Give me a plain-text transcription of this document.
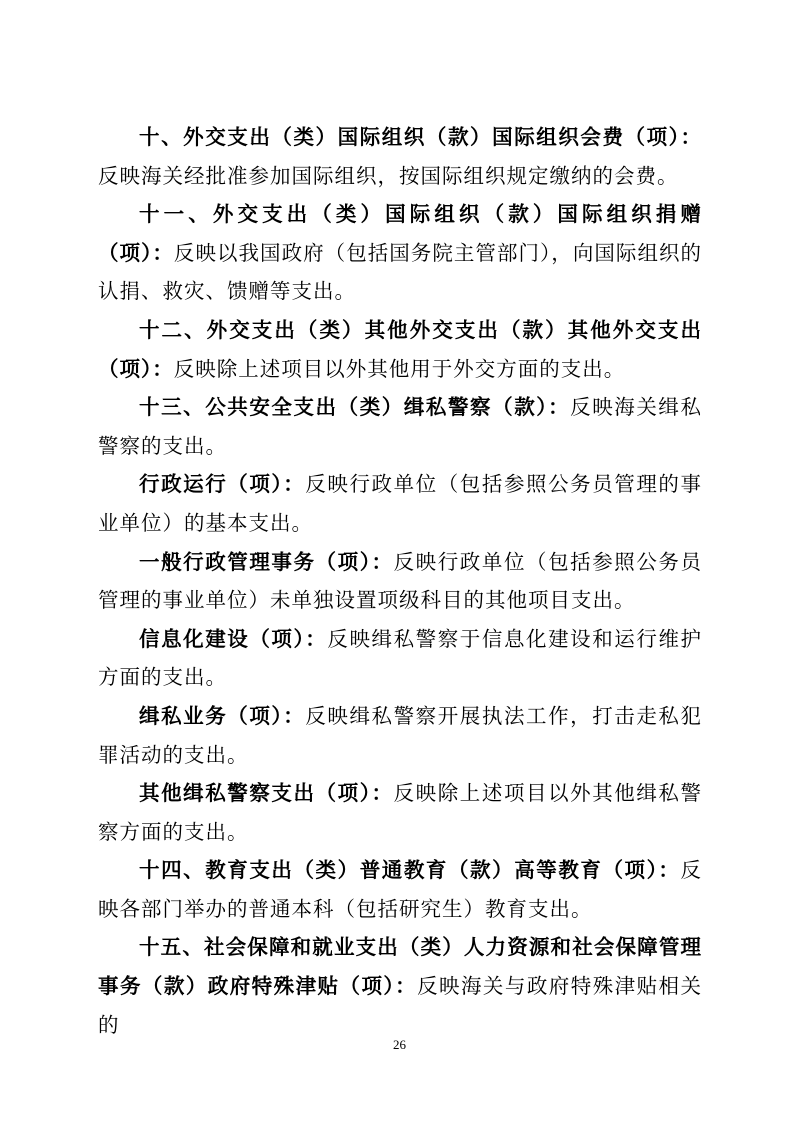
十、外交支出（类）国际组织（款）国际组织会费（项）：反映海关经批准参加国际组织，按国际组织规定缴纳的会费。

十一、外交支出（类）国际组织（款）国际组织捐赠（项）：反映以我国政府（包括国务院主管部门），向国际组织的认捐、救灾、馈赠等支出。

十二、外交支出（类）其他外交支出（款）其他外交支出（项）：反映除上述项目以外其他用于外交方面的支出。

十三、公共安全支出（类）缉私警察（款）：反映海关缉私警察的支出。

行政运行（项）：反映行政单位（包括参照公务员管理的事业单位）的基本支出。

一般行政管理事务（项）：反映行政单位（包括参照公务员管理的事业单位）未单独设置项级科目的其他项目支出。

信息化建设（项）：反映缉私警察于信息化建设和运行维护方面的支出。

缉私业务（项）：反映缉私警察开展执法工作，打击走私犯罪活动的支出。

其他缉私警察支出（项）：反映除上述项目以外其他缉私警察方面的支出。

十四、教育支出（类）普通教育（款）高等教育（项）：反映各部门举办的普通本科（包括研究生）教育支出。

十五、社会保障和就业支出（类）人力资源和社会保障管理事务（款）政府特殊津贴（项）：反映海关与政府特殊津贴相关的

26
